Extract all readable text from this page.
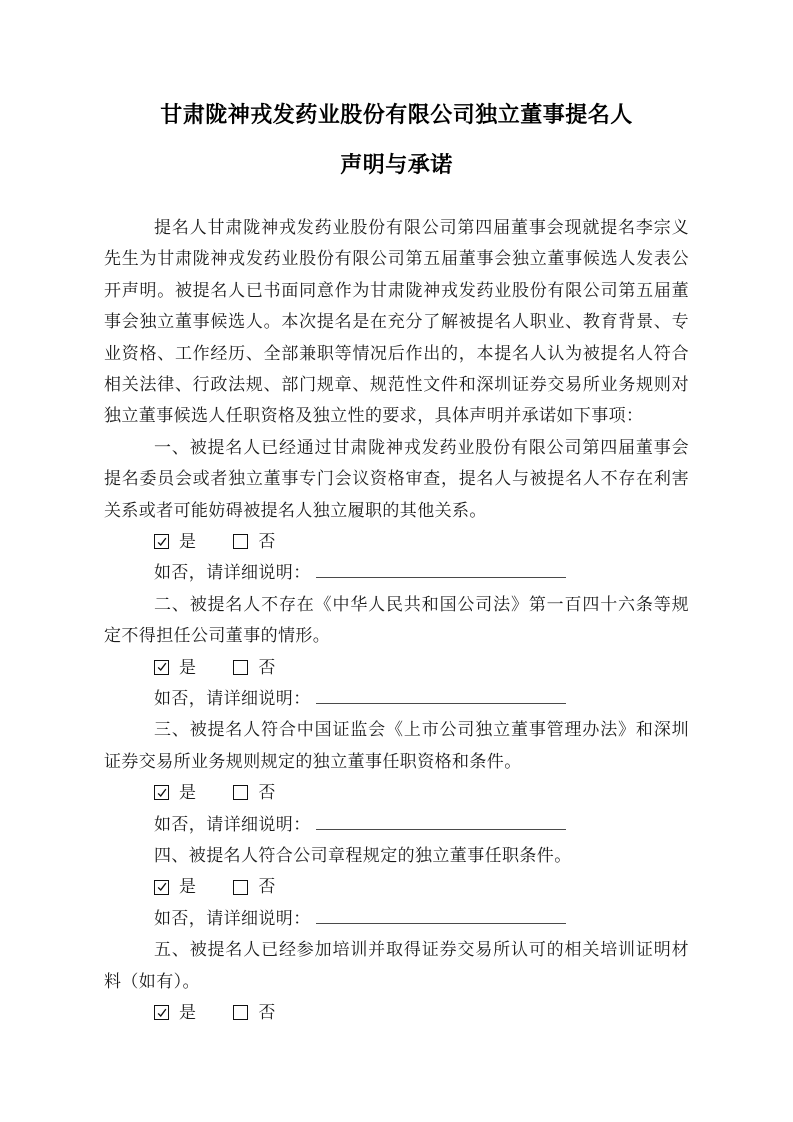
甘肃陇神戎发药业股份有限公司独立董事提名人
声明与承诺

提名人甘肃陇神戎发药业股份有限公司第四届董事会现就提名李宗义先生为甘肃陇神戎发药业股份有限公司第五届董事会独立董事候选人发表公开声明。被提名人已书面同意作为甘肃陇神戎发药业股份有限公司第五届董事会独立董事候选人。本次提名是在充分了解被提名人职业、教育背景、专业资格、工作经历、全部兼职等情况后作出的，本提名人认为被提名人符合相关法律、行政法规、部门规章、规范性文件和深圳证券交易所业务规则对独立董事候选人任职资格及独立性的要求，具体声明并承诺如下事项：

一、被提名人已经通过甘肃陇神戎发药业股份有限公司第四届董事会提名委员会或者独立董事专门会议资格审查，提名人与被提名人不存在利害关系或者可能妨碍被提名人独立履职的其他关系。

是	否
如否，请详细说明：

二、被提名人不存在《中华人民共和国公司法》第一百四十六条等规定不得担任公司董事的情形。

是	否
如否，请详细说明：

三、被提名人符合中国证监会《上市公司独立董事管理办法》和深圳证券交易所业务规则规定的独立董事任职资格和条件。

是	否
如否，请详细说明：

四、被提名人符合公司章程规定的独立董事任职条件。

是	否
如否，请详细说明：

五、被提名人已经参加培训并取得证券交易所认可的相关培训证明材料（如有）。

是	否
